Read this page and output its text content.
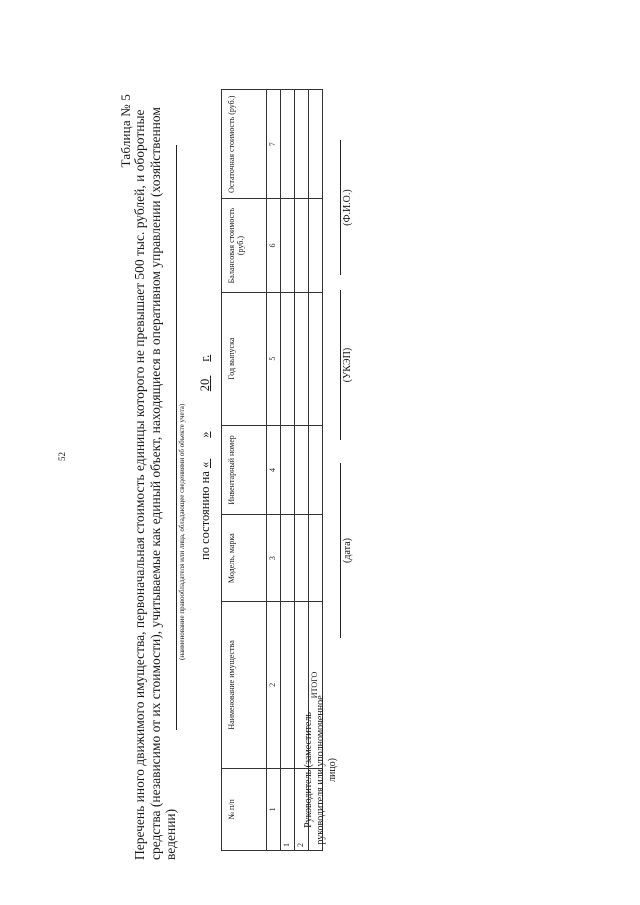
52
Таблица № 5 Перечень иного движимого имущества, первоначальная стоимость единицы которого не превышает 500 тыс. рублей, и оборотные средства (независимо от их стоимости), учитываемые как единый объект, находящиеся в оперативном управлении (хозяйственном ведении)
(наименование правообладателя или лица, обладающее сведениями об объекте учета) по состоянию на « »  20  г.
№ п/п	Наименование имущества	Модель, марка	Инвентарный номер	Год выпуска	Балансовая стоимость (руб.)	Остаточная стоимость (руб.)
1	2	3	4	5	6	7
1						
2						
	ИТОГО					
Руководитель (заместитель руководителя или уполномоченное лицо)
(дата)
(УКЭП)
(Ф.И.О.)
